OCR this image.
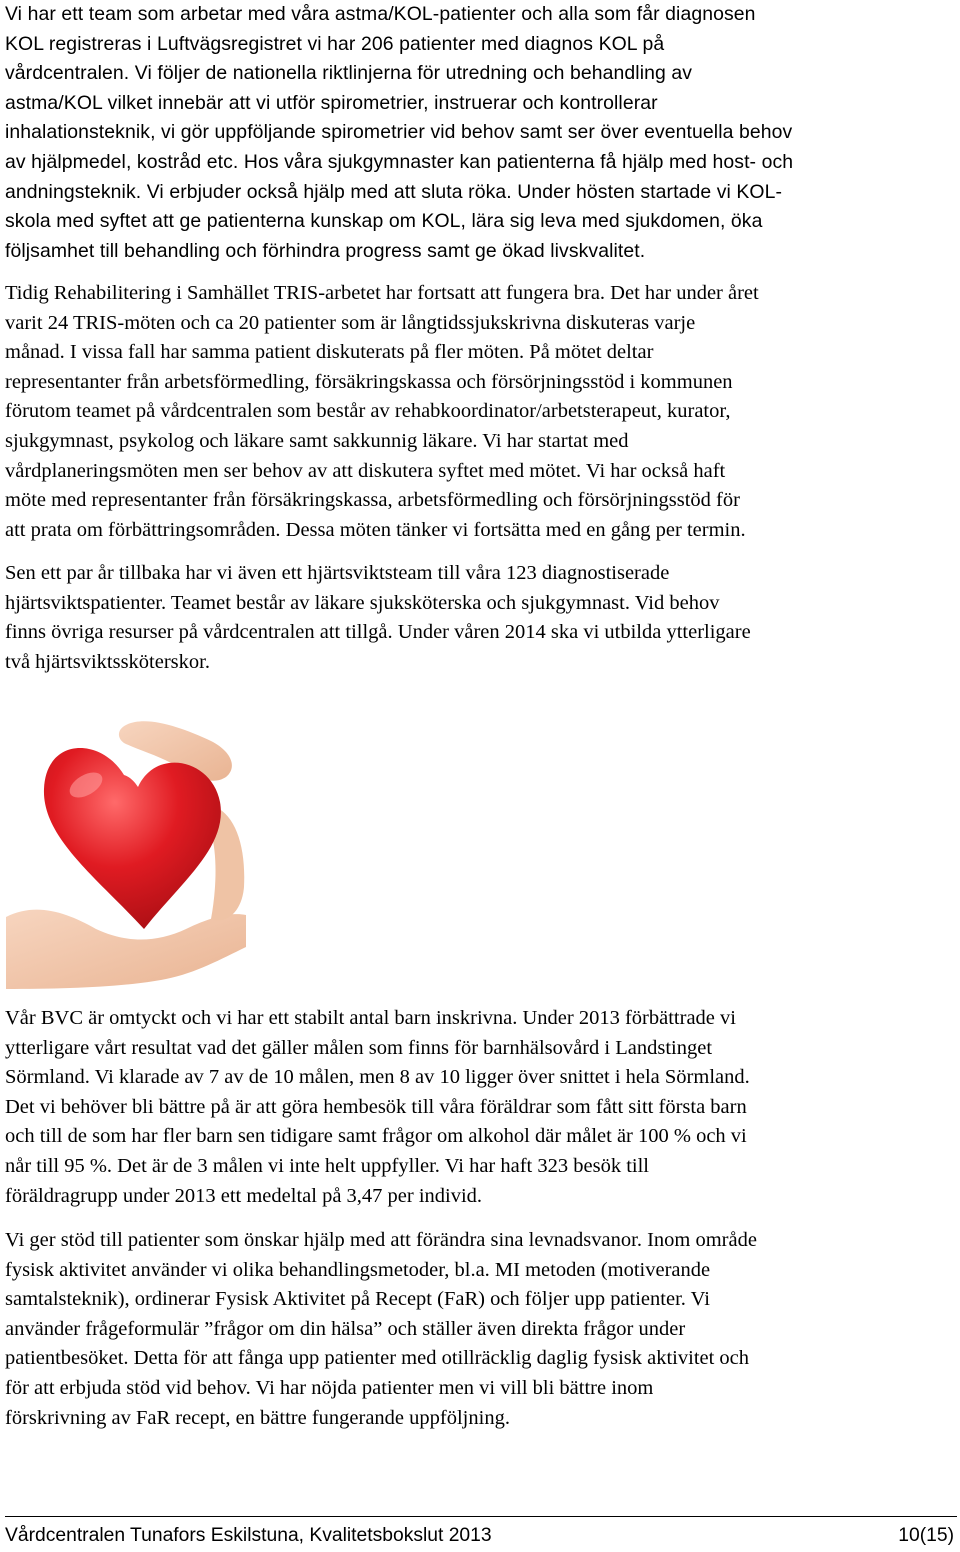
Vi har ett team som arbetar med våra astma/KOL-patienter och alla som får diagnosen
KOL registreras i Luftvägsregistret vi har 206 patienter med diagnos KOL på
vårdcentralen. Vi följer de nationella riktlinjerna för utredning och behandling av
astma/KOL vilket innebär att vi utför spirometrier, instruerar och kontrollerar
inhalationsteknik, vi gör uppföljande spirometrier vid behov samt ser över eventuella behov
av hjälpmedel, kostråd etc. Hos våra sjukgymnaster kan patienterna få hjälp med host- och
andningsteknik. Vi erbjuder också hjälp med att sluta röka. Under hösten startade vi KOL-
skola med syftet att ge patienterna kunskap om KOL, lära sig leva med sjukdomen, öka
följsamhet till behandling och förhindra progress samt ge ökad livskvalitet.

Tidig Rehabilitering i Samhället TRIS-arbetet har fortsatt att fungera bra. Det har under året
varit 24 TRIS-möten och ca 20 patienter som är långtidssjukskrivna diskuteras varje
månad. I vissa fall har samma patient diskuterats på fler möten. På mötet deltar
representanter från arbetsförmedling, försäkringskassa och försörjningsstöd i kommunen
förutom teamet på vårdcentralen som består av rehabkoordinator/arbetsterapeut, kurator,
sjukgymnast, psykolog och läkare samt sakkunnig läkare. Vi har startat med
vårdplaneringsmöten men ser behov av att diskutera syftet med mötet. Vi har också haft
möte med representanter från försäkringskassa, arbetsförmedling och försörjningsstöd för
att prata om förbättringsområden. Dessa möten tänker vi fortsätta med en gång per termin.

Sen ett par år tillbaka har vi även ett hjärtsviktsteam till våra 123 diagnostiserade
hjärtsviktspatienter. Teamet består av läkare sjuksköterska och sjukgymnast. Vid behov
finns övriga resurser på vårdcentralen att tillgå. Under våren 2014 ska vi utbilda ytterligare
två hjärtsviktssköterskor.

Vår BVC är omtyckt och vi har ett stabilt antal barn inskrivna. Under 2013 förbättrade vi
ytterligare vårt resultat vad det gäller målen som finns för barnhälsovård i Landstinget
Sörmland. Vi klarade av 7 av de 10 målen, men 8 av 10 ligger över snittet i hela Sörmland.
Det vi behöver bli bättre på är att göra hembesök till våra föräldrar som fått sitt första barn
och till de som har fler barn sen tidigare samt frågor om alkohol där målet är 100 % och vi
når till 95 %. Det är de 3 målen vi inte helt uppfyller. Vi har haft 323 besök till
föräldragrupp under 2013 ett medeltal på 3,47 per individ.

Vi ger stöd till patienter som önskar hjälp med att förändra sina levnadsvanor. Inom område
fysisk aktivitet använder vi olika behandlingsmetoder, bl.a. MI metoden (motiverande
samtalsteknik), ordinerar Fysisk Aktivitet på Recept (FaR) och följer upp patienter. Vi
använder frågeformulär ”frågor om din hälsa” och ställer även direkta frågor under
patientbesöket. Detta för att fånga upp patienter med otillräcklig daglig fysisk aktivitet och
för att erbjuda stöd vid behov. Vi har nöjda patienter men vi vill bli bättre inom
förskrivning av FaR recept, en bättre fungerande uppföljning.

Vårdcentralen Tunafors Eskilstuna, Kvalitetsbokslut 2013	10(15)
